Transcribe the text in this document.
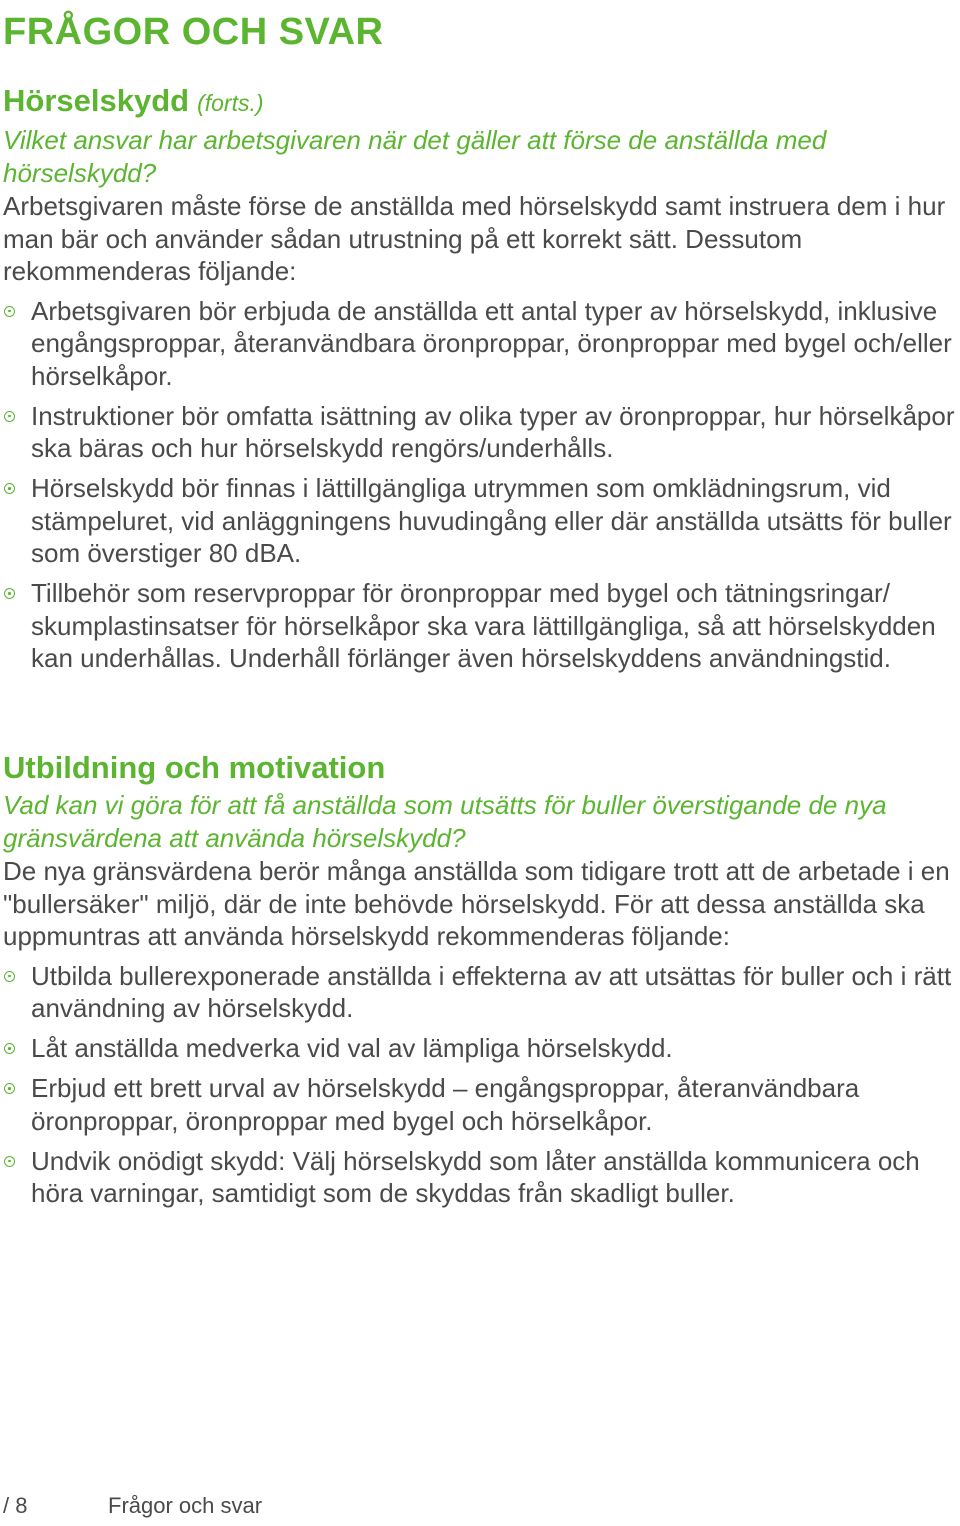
FRÅGOR OCH SVAR
Hörselskydd (forts.)

Vilket ansvar har arbetsgivaren när det gäller att förse de anställda med hörselskydd?

Arbetsgivaren måste förse de anställda med hörselskydd samt instruera dem i hur man bär och använder sådan utrustning på ett korrekt sätt. Dessutom rekommenderas följande:

Arbetsgivaren bör erbjuda de anställda ett antal typer av hörselskydd, inklusive engångsproppar, återanvändbara öronproppar, öronproppar med bygel och/eller hörselkåpor.
Instruktioner bör omfatta isättning av olika typer av öronproppar, hur hörselkåpor ska bäras och hur hörselskydd rengörs/underhålls.
Hörselskydd bör finnas i lättillgängliga utrymmen som omklädningsrum, vid stämpeluret, vid anläggningens huvudingång eller där anställda utsätts för buller som överstiger 80 dBA.
Tillbehör som reservproppar för öronproppar med bygel och tätningsringar/ skumplastinsatser för hörselkåpor ska vara lättillgängliga, så att hörselskydden kan underhållas. Underhåll förlänger även hörselskyddens användningstid.
Utbildning och motivation

Vad kan vi göra för att få anställda som utsätts för buller överstigande de nya gränsvärdena att använda hörselskydd?

De nya gränsvärdena berör många anställda som tidigare trott att de arbetade i en "bullersäker" miljö, där de inte behövde hörselskydd. För att dessa anställda ska uppmuntras att använda hörselskydd rekommenderas följande:

Utbilda bullerexponerade anställda i effekterna av att utsättas för buller och i rätt användning av hörselskydd.
Låt anställda medverka vid val av lämpliga hörselskydd.
Erbjud ett brett urval av hörselskydd – engångsproppar, återanvändbara öronproppar, öronproppar med bygel och hörselkåpor.
Undvik onödigt skydd: Välj hörselskydd som låter anställda kommunicera och höra varningar, samtidigt som de skyddas från skadligt buller.
/ 8	Frågor och svar
